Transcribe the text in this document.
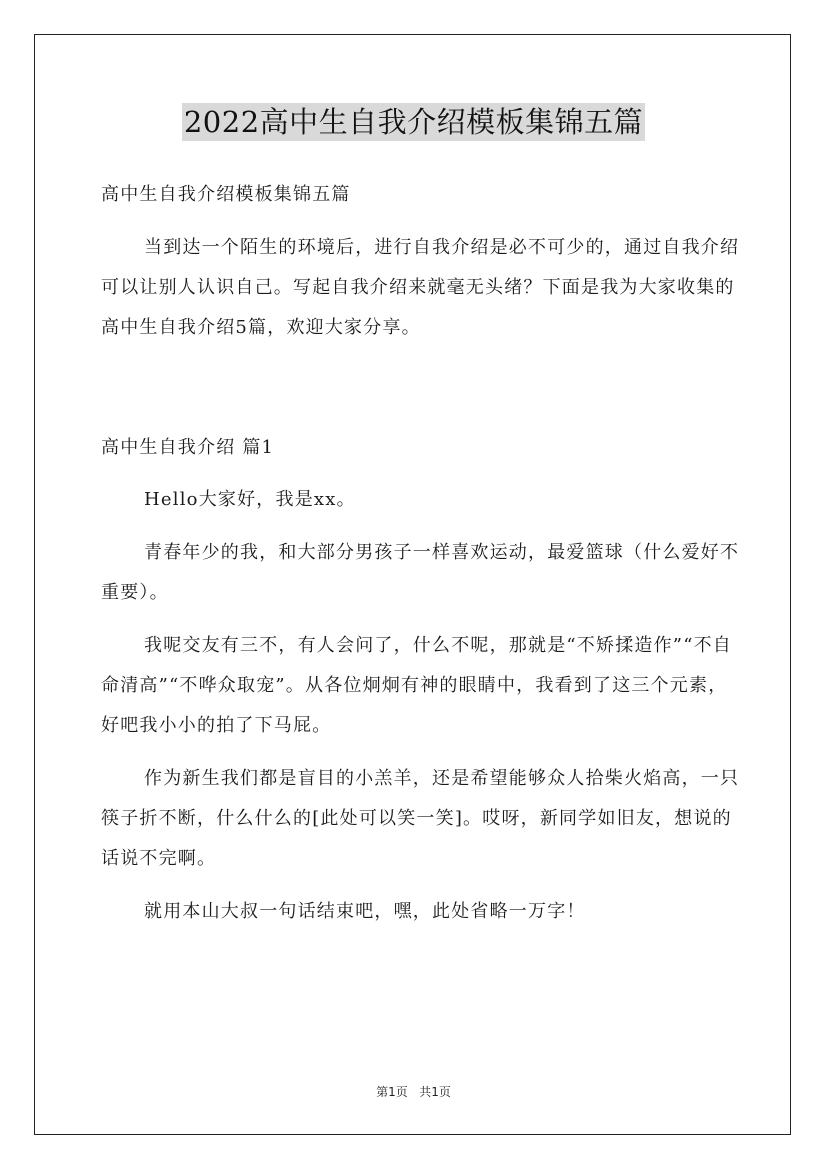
2022高中生自我介绍模板集锦五篇

高中生自我介绍模板集锦五篇

当到达一个陌生的环境后，进行自我介绍是必不可少的，通过自我介绍可以让别人认识自己。写起自我介绍来就毫无头绪？下面是我为大家收集的高中生自我介绍5篇，欢迎大家分享。

高中生自我介绍 篇1

Hello大家好，我是xx。

青春年少的我，和大部分男孩子一样喜欢运动，最爱篮球（什么爱好不重要）。

我呢交友有三不，有人会问了，什么不呢，那就是“不矫揉造作”“不自命清高”“不哗众取宠”。从各位炯炯有神的眼睛中，我看到了这三个元素，好吧我小小的拍了下马屁。

作为新生我们都是盲目的小羔羊，还是希望能够众人拾柴火焰高，一只筷子折不断，什么什么的[此处可以笑一笑]。哎呀，新同学如旧友，想说的话说不完啊。

就用本山大叔一句话结束吧，嘿，此处省略一万字！

第1页 共1页
